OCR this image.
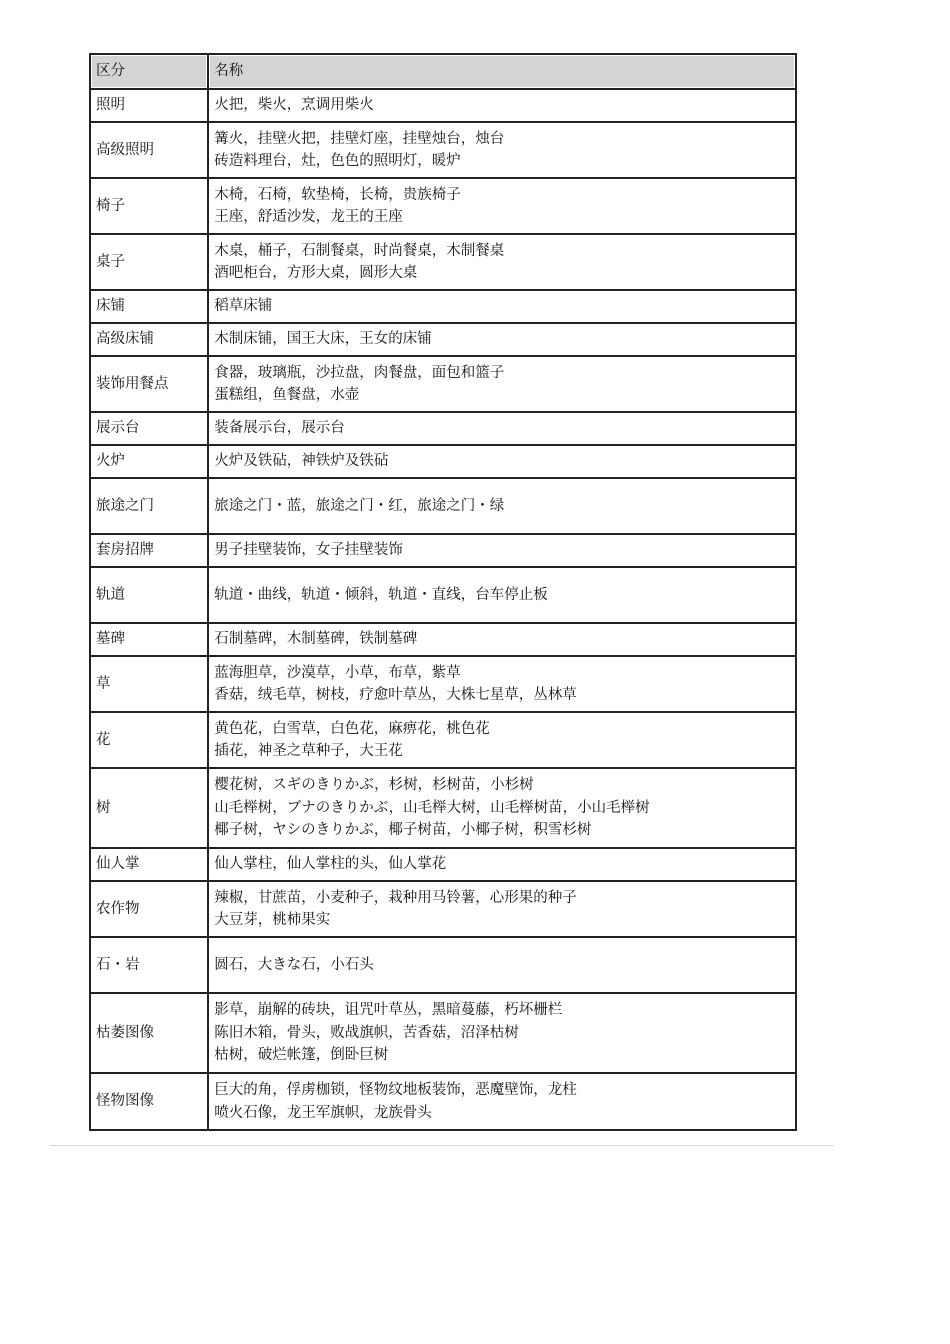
区分	名称
照明	火把，柴火，烹调用柴火

高级照明	篝火，挂壁火把，挂壁灯座，挂壁烛台，烛台
砖造料理台，灶，色色的照明灯，暖炉

椅子	木椅，石椅，软垫椅，长椅，贵族椅子
王座，舒适沙发，龙王的王座

桌子	木桌，桶子，石制餐桌，时尚餐桌，木制餐桌
酒吧柜台，方形大桌，圆形大桌

床铺	稻草床铺

高级床铺	木制床铺，国王大床，王女的床铺

装饰用餐点	食器，玻璃瓶，沙拉盘，肉餐盘，面包和篮子
蛋糕组，鱼餐盘，水壶

展示台	装备展示台，展示台

火炉	火炉及铁砧，神铁炉及铁砧

旅途之门	旅途之门・蓝，旅途之门・红，旅途之门・绿

套房招牌	男子挂壁装饰，女子挂壁装饰

轨道	轨道・曲线，轨道・倾斜，轨道・直线，台车停止板

墓碑	石制墓碑，木制墓碑，铁制墓碑

草	蓝海胆草，沙漠草，小草，布草，紫草
香菇，绒毛草，树枝，疗愈叶草丛，大株七星草，丛林草

花	黄色花，白雪草，白色花，麻痹花，桃色花
插花，神圣之草种子，大王花

树	樱花树，スギのきりかぶ，杉树，杉树苗，小杉树
山毛榉树，ブナのきりかぶ，山毛榉大树，山毛榉树苗，小山毛榉树
椰子树，ヤシのきりかぶ，椰子树苗，小椰子树，积雪杉树

仙人掌	仙人掌柱，仙人掌柱的头，仙人掌花

农作物	辣椒，甘蔗苗，小麦种子，栽种用马铃薯，心形果的种子
大豆芽，桃柿果实

石・岩	圆石，大きな石，小石头

枯萎图像	影草，崩解的砖块，诅咒叶草丛，黑暗蔓藤，朽坏栅栏
陈旧木箱，骨头，败战旗帜，苦香菇，沼泽枯树
枯树，破烂帐篷，倒卧巨树

怪物图像	巨大的角，俘虏枷锁，怪物纹地板装饰，恶魔壁饰，龙柱
喷火石像，龙王军旗帜，龙族骨头
